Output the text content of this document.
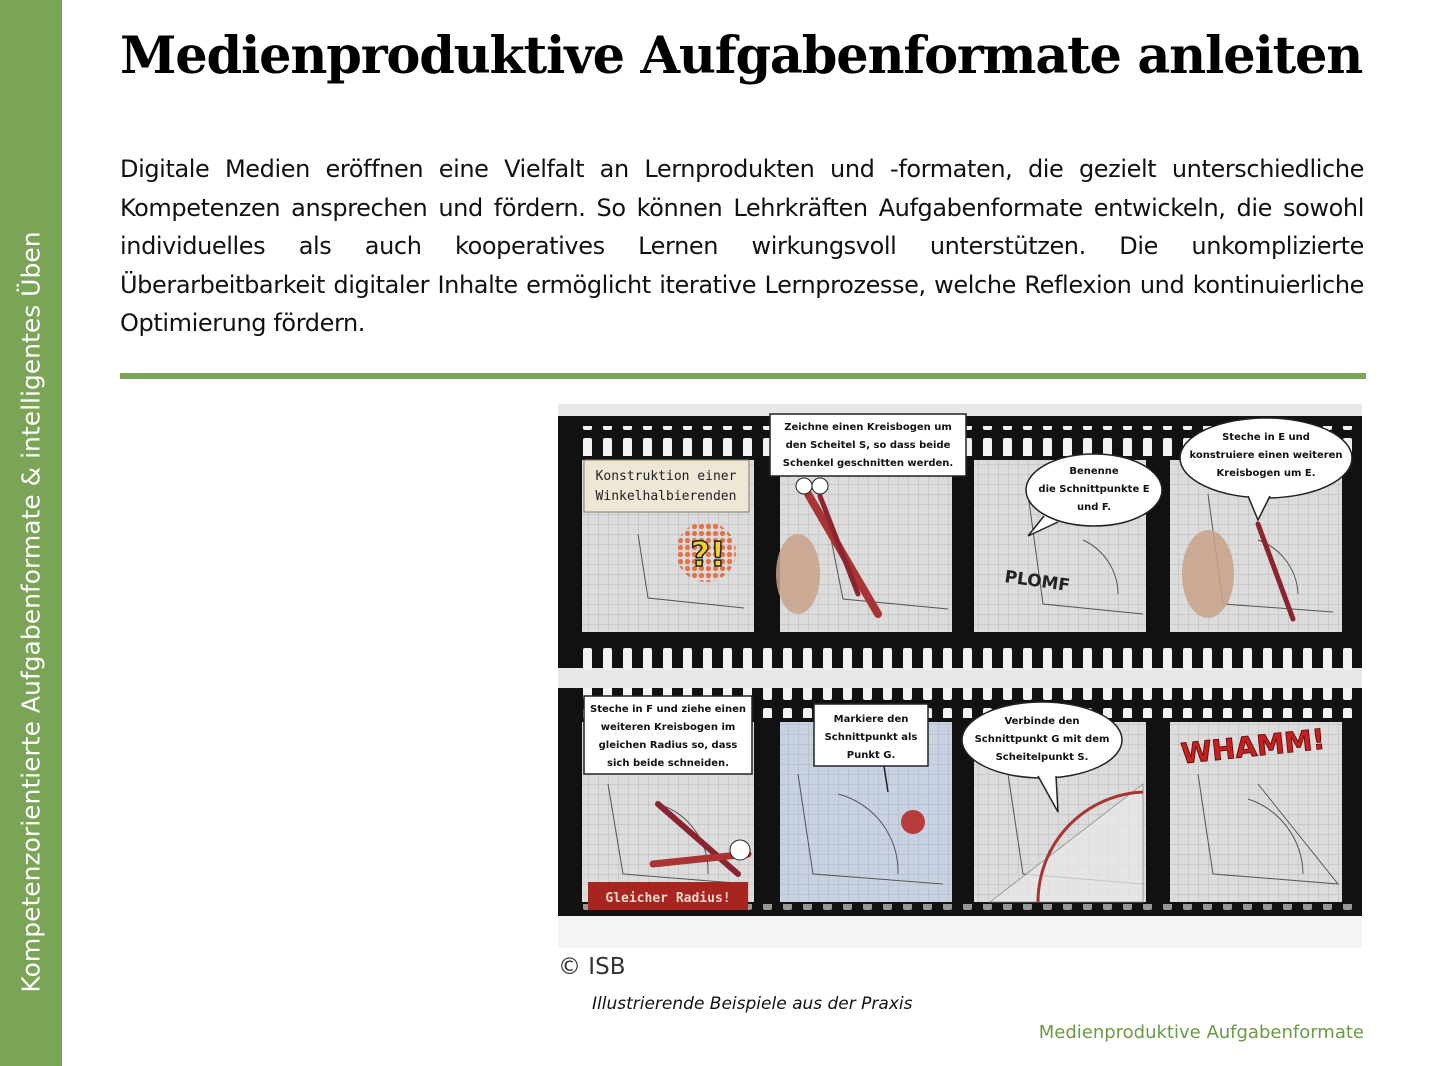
Kompetenzorientierte Aufgabenformate & intelligentes Üben
Medienproduktive Aufgabenformate anleiten

Digitale Medien eröffnen eine Vielfalt an Lernprodukten und -formaten, die gezielt unterschiedliche Kompetenzen ansprechen und fördern. So können Lehrkräften Aufgabenformate entwickeln, die sowohl individuelles als auch kooperatives Lernen wirkungsvoll unterstützen. Die unkomplizierte Überarbeitbarkeit digitaler Inhalte ermöglicht iterative Lernprozesse, welche Reflexion und kontinuierliche Optimierung fördern.

Konstruktion einer
Winkelhalbierenden
?!
Zeichne einen Kreisbogen um
den Scheitel S, so dass beide
Schenkel geschnitten werden.
Benenne
die Schnittpunkte E
und F.
PLOMF
Steche in E und
konstruiere einen weiteren
Kreisbogen um E.
Steche in F und ziehe einen
weiteren Kreisbogen im
gleichen Radius so, dass
sich beide schneiden.
Gleicher Radius!
Markiere den
Schnittpunkt als
Punkt G.
Verbinde den
Schnittpunkt G mit dem
Scheitelpunkt S.	WHAMM!
© ISB
Illustrierende Beispiele aus der Praxis
Medienproduktive Aufgabenformate
